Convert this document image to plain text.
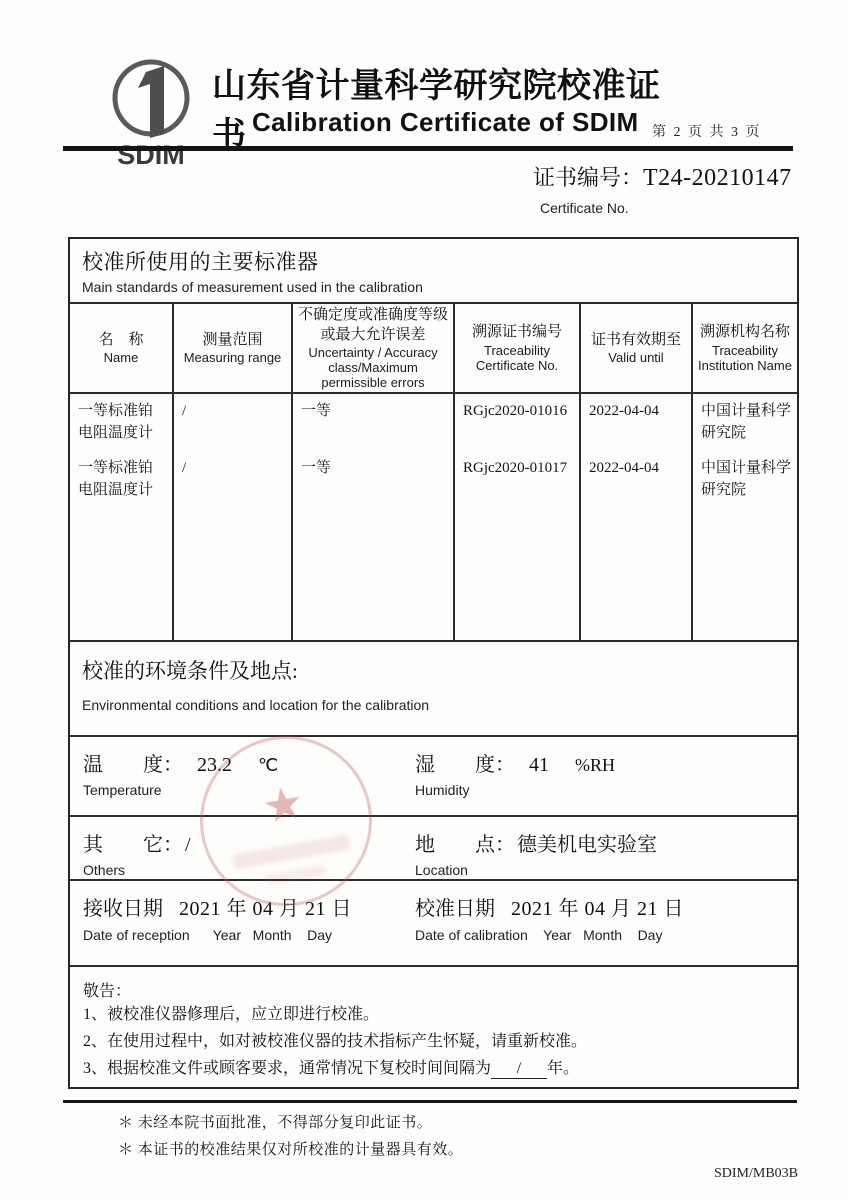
SDIM
山东省计量科学研究院校准证书 Calibration Certificate of SDIM 第 2 页 共 3 页
证书编号：T24-20210147
Certificate No.
校准所使用的主要标准器
Main standards of measurement used in the calibration
名　称
Name
测量范围
Measuring range
不确定度或准确度等级或最大允许误差
Uncertainty / Accuracy class/Maximum permissible errors
溯源证书编号
Traceability Certificate No.
证书有效期至
Valid until
溯源机构名称
Traceability Institution Name
一等标准铂电阻温度计
一等标准铂电阻温度计
/
/
一等
一等
RGjc2020-01016
RGjc2020-01017
2022-04-04
2022-04-04
中国计量科学研究院
中国计量科学研究院
校准的环境条件及地点:
Environmental conditions and location for the calibration
温　　度： 23.2 ℃
Temperature
湿　　度： 41 %RH
Humidity
其　　它： /
Others
地　　点： 德美机电实验室
Location
接收日期 2021 年 04 月 21 日
Date of reception      Year   Month    Day
校准日期 2021 年 04 月 21 日
Date of calibration    Year   Month    Day
敬告：
1、被校准仪器修理后，应立即进行校准。
2、在使用过程中，如对被校准仪器的技术指标产生怀疑，请重新校准。
3、根据校准文件或顾客要求，通常情况下复校时间间隔为 / 年。
★
＊ 未经本院书面批准，不得部分复印此证书。
＊ 本证书的校准结果仅对所校准的计量器具有效。
SDIM/MB03B
